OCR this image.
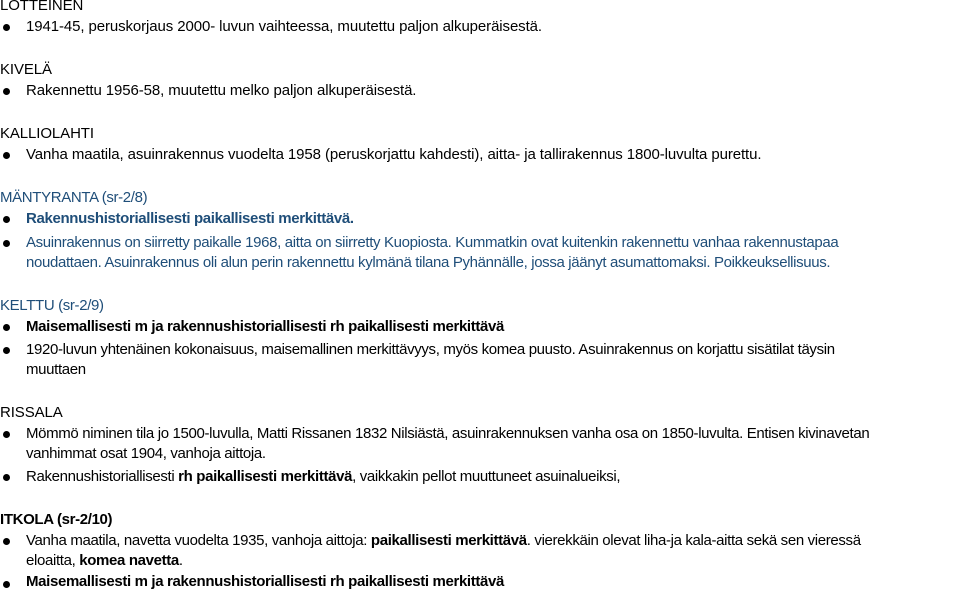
LOTTEINEN
1941-45, peruskorjaus 2000- luvun vaihteessa, muutettu paljon alkuperäisestä.
KIVELÄ
Rakennettu 1956-58, muutettu melko paljon alkuperäisestä.
KALLIOLAHTI
Vanha maatila, asuinrakennus vuodelta 1958 (peruskorjattu kahdesti), aitta- ja tallirakennus 1800-luvulta purettu.
MÄNTYRANTA (sr-2/8)
Rakennushistoriallisesti paikallisesti merkittävä.
Asuinrakennus on siirretty paikalle 1968, aitta on siirretty Kuopiosta. Kummatkin ovat kuitenkin rakennettu vanhaa rakennustapaa
noudattaen. Asuinrakennus oli alun perin rakennettu kylmänä tilana Pyhännälle, jossa jäänyt asumattomaksi. Poikkeuksellisuus.
KELTTU (sr-2/9)
Maisemallisesti m ja rakennushistoriallisesti rh paikallisesti merkittävä
1920-luvun yhtenäinen kokonaisuus, maisemallinen merkittävyys, myös komea puusto. Asuinrakennus on korjattu sisätilat täysin
muuttaen
RISSALA
Mömmö niminen tila jo 1500-luvulla, Matti Rissanen 1832 Nilsiästä, asuinrakennuksen vanha osa on 1850-luvulta. Entisen kivinavetan
vanhimmat osat 1904, vanhoja aittoja.
Rakennushistoriallisesti rh paikallisesti merkittävä, vaikkakin pellot muuttuneet asuinalueiksi,
ITKOLA (sr-2/10)
Vanha maatila, navetta vuodelta 1935, vanhoja aittoja: paikallisesti merkittävä. vierekkäin olevat liha-ja kala-aitta sekä sen vieressä
eloaitta, komea navetta.
Maisemallisesti m ja rakennushistoriallisesti rh paikallisesti merkittävä
